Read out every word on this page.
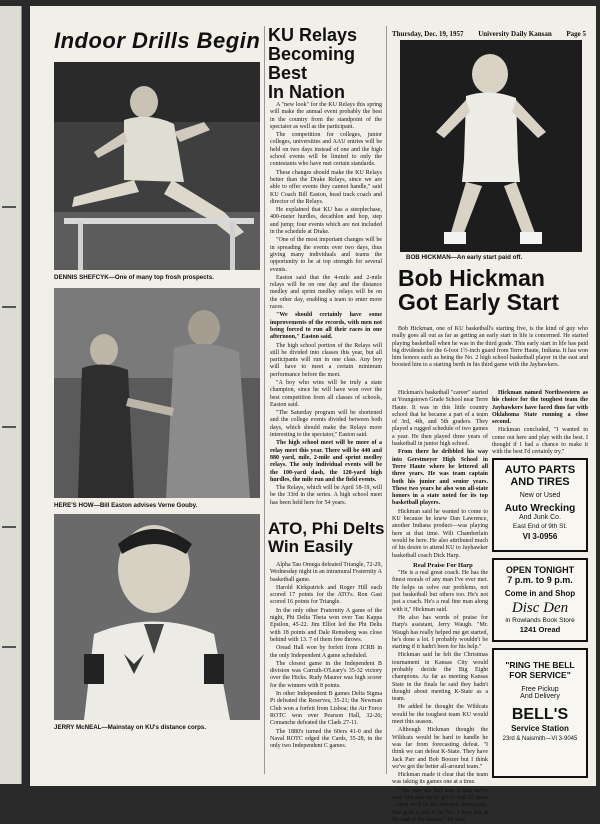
Indoor Drills Begin
DENNIS SHEFCYK—One of many top frosh prospects.
HERE'S HOW—Bill Easton advises Verne Gouby.
JERRY McNEAL—Mainstay on KU's distance corps.
KU Relays
Becoming Best
In Nation

A "new look" for the KU Relays this spring will make the annual event probably the best in the country from the standpoint of the spectator as well as the participant.

The competition for colleges, junior colleges, universities and AAU entries will be held on two days instead of one and the high school events will be limited to only the contestants who have met certain standards.

These changes should make the KU Relays better than the Drake Relays, since we are able to offer events they cannot handle," said KU Coach Bill Easton, head track coach and director of the Relays.

He explained that KU has a steeplechase, 400-meter hurdles, decathlon and hop, step and jump; four events which are not included in the schedule at Drake.

"One of the most important changes will be in spreading the events over two days, thus giving many individuals and teams the opportunity to be at top strength for several events.

Easton said that the 4-mile and 2-mile relays will be on one day and the distance medley and sprint medley relays will be on the other day, enabling a team to enter more races.

"We should certainly have some improvements of the records, with men not being forced to run all their races in one afternoon," Easton said.

The high school portion of the Relays will still be divided into classes this year, but all participants will run in one class. Any boy will have to meet a certain minimum performance before the meet.

"A boy who wins will be truly a state champion, since he will have won over the best competition from all classes of schools, Easton said.

"The Saturday program will be shortened and the college events divided between both days, which should make the Relays more interesting to the spectator," Easton said.

The high school meet will be more of a relay meet this year. There will be 440 and 880 yard, mile, 2-mile and sprint medley relays. The only individual events will be the 100-yard dash, the 120-yard high hurdles, the mile run and the field events.

The Relays, which will be April 18-19, will be the 33rd in the series. A high school meet has been held here for 54 years.

ATO, Phi Delts
Win Easily

Alpha Tau Omega defeated Triangle, 72-29, Wednesday night in an intramural Fraternity A basketball game.

Harold Kirkpatrick and Roger Hill each scored 17 points for the ATO's. Ron Gast scored 16 points for Triangle.

In the only other Fraternity A game of the night, Phi Delta Theta won over Tau Kappa Epsilon, 45-22. Jim Elliot led the Phi Delts with 18 points and Dale Remsberg was close behind with 13. 7 of them free throws.

Oread Hall won by forfeit from JCRB in the only Independent A game scheduled.

The closest game in the Independent B division was Carruth-O'Leary's 35-32 victory over the Hicks. Rudy Maurer was high scorer for the winners with 8 points.

In other Independent B games Delta Sigma Pi defeated the Reserves, 35-21; the Newman Club won a forfeit from Lisboa; the Air Force ROTC won over Pearson Hall, 32-26; Comanche defeated the Clads 27-11.

The 1880's turned the 60ers 41-0 and the Naval ROTC edged the Cards, 35-28, in the only two Independent C games.

Thursday, Dec. 19, 1957 University Daily Kansan Page 5
BOB HICKMAN—An early start paid off.
Bob Hickman
Got Early Start

Bob Hickman, one of KU basketball's starting five, is the kind of guy who really goes all out as far as getting an early start in life is concerned. He started playing basketball when he was in the third grade. This early start in life has paid big dividends for the 6-foot 1½-inch guard from Terre Haute, Indiana. It has won him honors such as being the No. 2 high school basketball player in the east and boosted him to a starting berth in his third game with the Jayhawkers.

Hickman's basketball "career" started at Youngstown Grade School near Terre Haute. It was in this little country school that he became a part of a team of 3rd, 4th, and 5th graders. They played a rugged schedule of two games a year. He then played three years of basketball in junior high school.

From there he dribbled his way into Gerstmeyer High School in Terre Haute where he lettered all three years. He was team captain both his junior and senior years. These two years he also won all-state honors in a state noted for its top basketball players.

Hickman said he wanted to come to KU because he knew Dan Lawrence, another Indiana product—was playing here at that time. Wilt Chamberlain would be here. He also attributed much of his desire to attend KU to Jayhawker basketball coach Dick Harp.

Real Praise For Harp

"He is a real great coach. He has the finest morals of any man I've ever met. He helps us solve our problems, not just basketball but others too. He's not just a coach. He's a real fine man along with it," Hickman said.

He also has words of praise for Harp's assistant, Jerry Waugh. "Mr. Waugh has really helped me get started, he's done a lot. I probably wouldn't be starting if it hadn't been for his help."

Hickman said he felt the Christmas tournament in Kansas City would probably decide the Big Eight champions. As far as meeting Kansas State in the finals he said they hadn't thought about meeting K-State as a team.

He added he thought the Wildcats would be the toughest team KU would meet this season.

Although Hickman thought the Wildcats would be hard to handle he was far from forecasting defeat. "I think we can defeat K-State. They have Jack Parr and Bob Boozer but I think we've got the better all-around team."

Hickman made it clear that the team was taking its games one at a time.

"The way we feel now is that we've won five and we've got to win 22 more—then we'll be the national champions. Our goal is not to be No. 1 now but at the end of the season," he said.

Hickman named Northwestern as his choice for the toughest team the Jayhawkers have faced thus far with Oklahoma State running a close second.

Hickman concluded, "I wanted to come out here and play with the best. I thought if I had a chance to make it with the best I'd certainly try."

AUTO PARTS
AND TIRES
New or Used
Auto Wrecking
And Junk Co.
East End of 9th St.
VI 3-0956
OPEN TONIGHT
7 p.m. to 9 p.m.
Come in and Shop
Disc Den
in Rowlands Book Store
1241 Oread
"RING THE BELL
FOR SERVICE"
Free Pickup
And Delivery
BELL'S
Service Station
23rd & Naismith—VI 3-9045
